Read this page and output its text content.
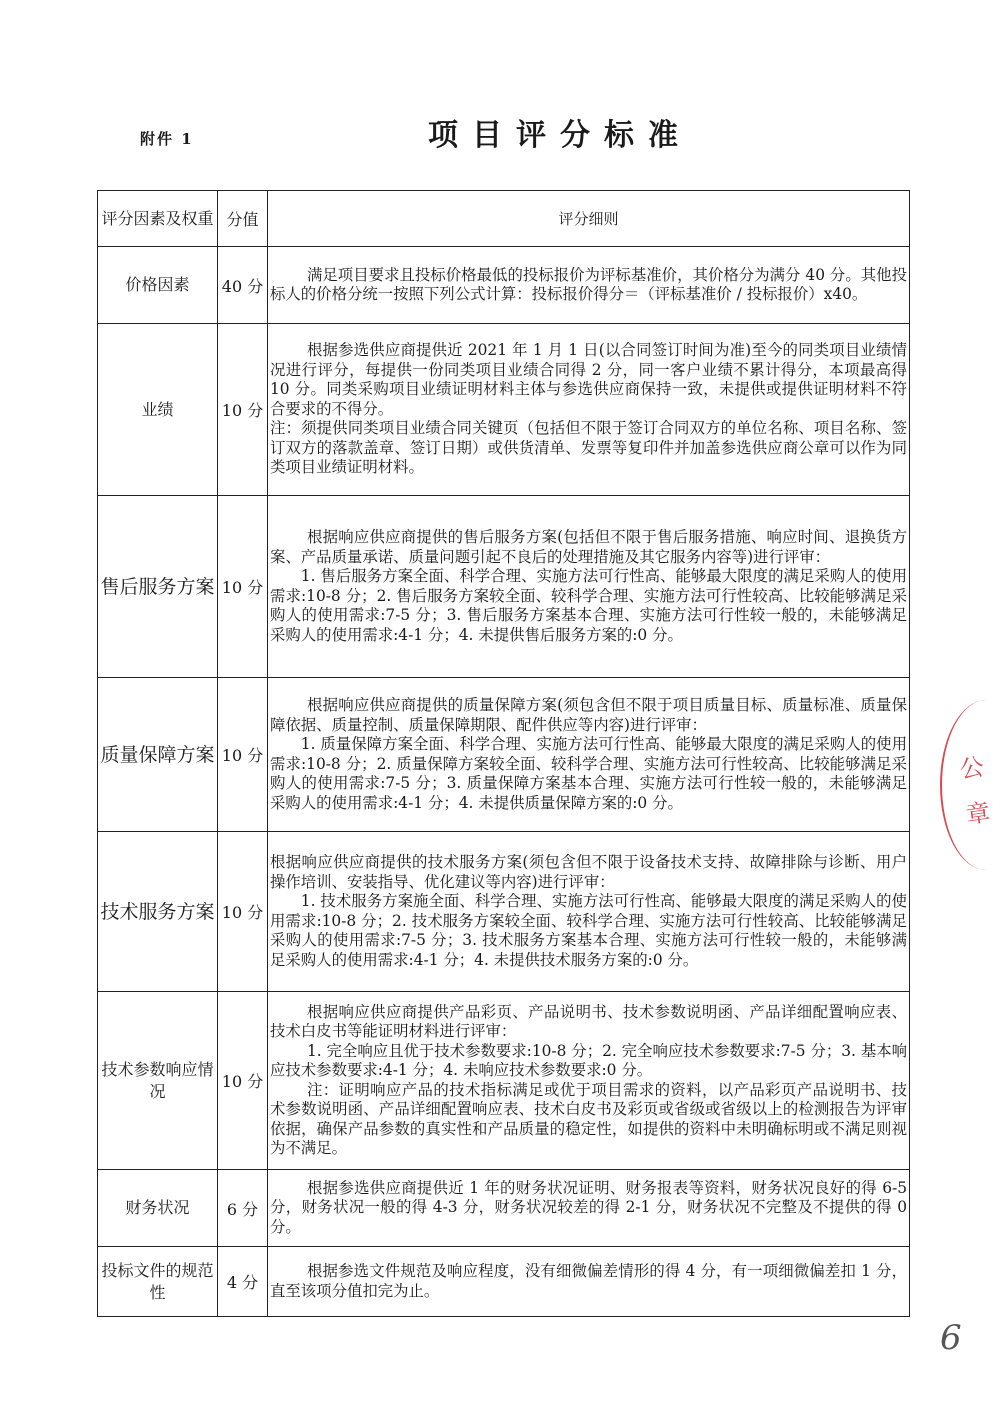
附件 1	项目评分标准
评分因素及权重	分值	评分细则
价格因素	40 分	满足项目要求且投标价格最低的投标报价为评标基准价，其价格分为满分 40 分。其他投标人的价格分统一按照下列公式计算：投标报价得分＝（评标基准价 / 投标报价）x40。

业绩	10 分	根据参选供应商提供近 2021 年 1 月 1 日(以合同签订时间为准)至今的同类项目业绩情况进行评分，每提供一份同类项目业绩合同得 2 分，同一客户业绩不累计得分，本项最高得 10 分。同类采购项目业绩证明材料主体与参选供应商保持一致，未提供或提供证明材料不符合要求的不得分。

注：须提供同类项目业绩合同关键页（包括但不限于签订合同双方的单位名称、项目名称、签订双方的落款盖章、签订日期）或供货清单、发票等复印件并加盖参选供应商公章可以作为同类项目业绩证明材料。

售后服务方案	10 分	根据响应供应商提供的售后服务方案(包括但不限于售后服务措施、响应时间、退换货方案、产品质量承诺、质量问题引起不良后的处理措施及其它服务内容等)进行评审：

1. 售后服务方案全面、科学合理、实施方法可行性高、能够最大限度的满足采购人的使用需求:10-8 分；2. 售后服务方案较全面、较科学合理、实施方法可行性较高、比较能够满足采购人的使用需求:7-5 分；3. 售后服务方案基本合理、实施方法可行性较一般的，未能够满足采购人的使用需求:4-1 分；4. 未提供售后服务方案的:0 分。

质量保障方案	10 分	根据响应供应商提供的质量保障方案(须包含但不限于项目质量目标、质量标准、质量保障依据、质量控制、质量保障期限、配件供应等内容)进行评审：

1. 质量保障方案全面、科学合理、实施方法可行性高、能够最大限度的满足采购人的使用需求:10-8 分；2. 质量保障方案较全面、较科学合理、实施方法可行性较高、比较能够满足采购人的使用需求:7-5 分；3. 质量保障方案基本合理、实施方法可行性较一般的，未能够满足采购人的使用需求:4-1 分；4. 未提供质量保障方案的:0 分。

技术服务方案	10 分	根据响应供应商提供的技术服务方案(须包含但不限于设备技术支持、故障排除与诊断、用户操作培训、安装指导、优化建议等内容)进行评审：

1. 技术服务方案施全面、科学合理、实施方法可行性高、能够最大限度的满足采购人的使用需求:10-8 分；2. 技术服务方案较全面、较科学合理、实施方法可行性较高、比较能够满足采购人的使用需求:7-5 分；3. 技术服务方案基本合理、实施方法可行性较一般的，未能够满足采购人的使用需求:4-1 分；4. 未提供技术服务方案的:0 分。

技术参数响应情况	10 分	根据响应供应商提供产品彩页、产品说明书、技术参数说明函、产品详细配置响应表、技术白皮书等能证明材料进行评审：

1. 完全响应且优于技术参数要求:10-8 分；2. 完全响应技术参数要求:7-5 分；3. 基本响应技术参数要求:4-1 分；4. 未响应技术参数要求:0 分。

注：证明响应产品的技术指标满足或优于项目需求的资料，以产品彩页产品说明书、技术参数说明函、产品详细配置响应表、技术白皮书及彩页或省级或省级以上的检测报告为评审依据，确保产品参数的真实性和产品质量的稳定性，如提供的资料中未明确标明或不满足则视为不满足。

财务状况	6 分	根据参选供应商提供近 1 年的财务状况证明、财务报表等资料，财务状况良好的得 6-5 分，财务状况一般的得 4-3 分，财务状况较差的得 2-1 分，财务状况不完整及不提供的得 0 分。

投标文件的规范性	4 分	根据参选文件规范及响应程度，没有细微偏差情形的得 4 分，有一项细微偏差扣 1 分，直至该项分值扣完为止。

公章
6
